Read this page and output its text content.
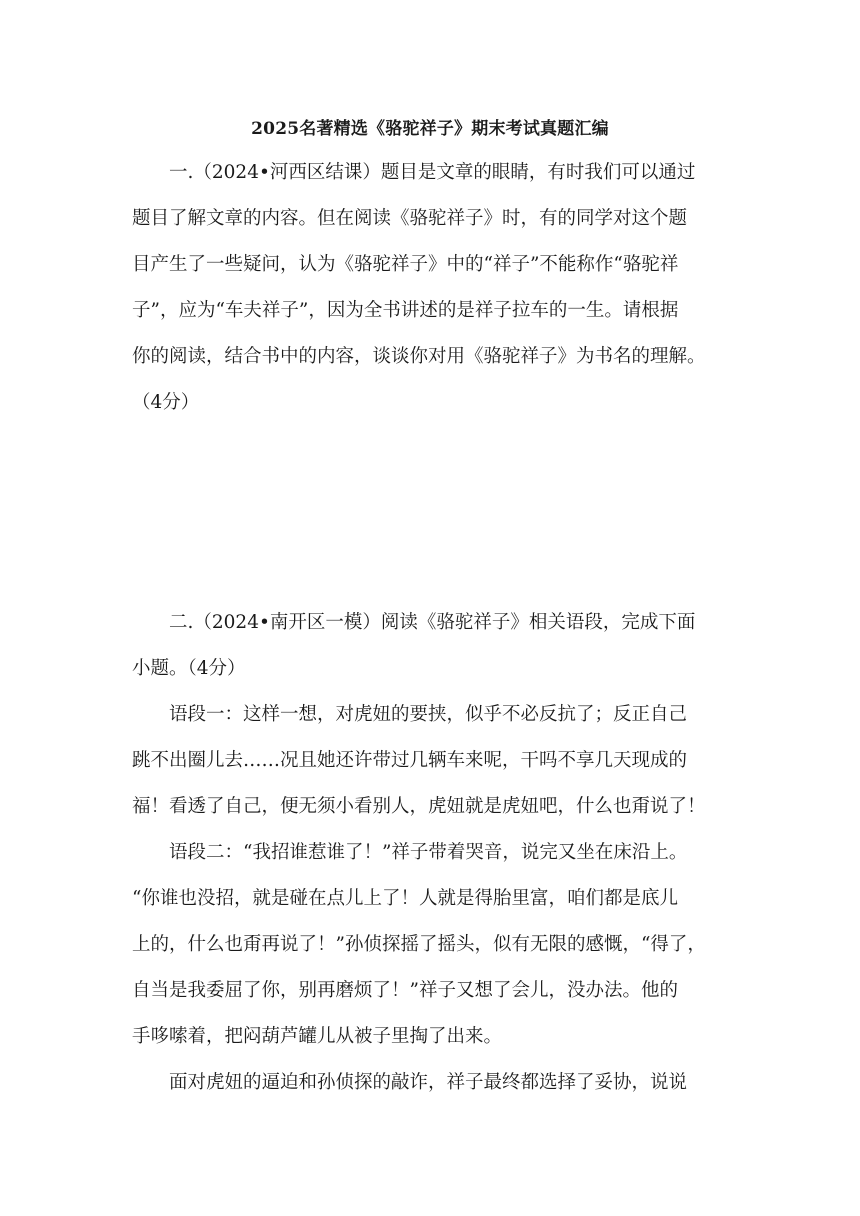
2025名著精选《骆驼祥子》期末考试真题汇编
一.（2024•河西区结课）题目是文章的眼睛，有时我们可以通过
题目了解文章的内容。但在阅读《骆驼祥子》时，有的同学对这个题
目产生了一些疑问，认为《骆驼祥子》中的“祥子”不能称作“骆驼祥
子”，应为“车夫祥子”，因为全书讲述的是祥子拉车的一生。请根据
你的阅读，结合书中的内容，谈谈你对用《骆驼祥子》为书名的理解。
（4分）
二.（2024•南开区一模）阅读《骆驼祥子》相关语段，完成下面
小题。（4分）
语段一：这样一想，对虎妞的要挟，似乎不必反抗了；反正自己
跳不出圈儿去……况且她还许带过几辆车来呢，干吗不享几天现成的
福！看透了自己，便无须小看别人，虎妞就是虎妞吧，什么也甭说了！
语段二：“我招谁惹谁了！”祥子带着哭音，说完又坐在床沿上。
“你谁也没招，就是碰在点儿上了！人就是得胎里富，咱们都是底儿
上的，什么也甭再说了！”孙侦探摇了摇头，似有无限的感慨，“得了，
自当是我委屈了你，别再磨烦了！”祥子又想了会儿，没办法。他的
手哆嗦着，把闷葫芦罐儿从被子里掏了出来。
面对虎妞的逼迫和孙侦探的敲诈，祥子最终都选择了妥协，说说
